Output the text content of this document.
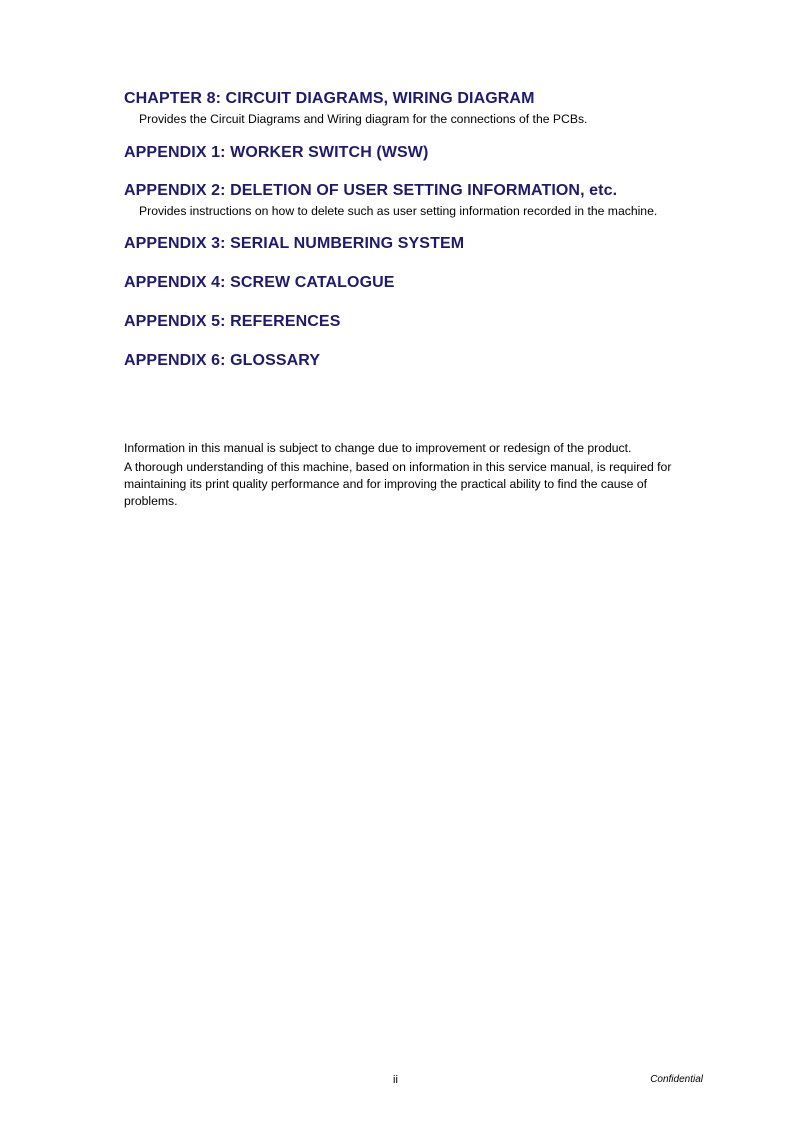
CHAPTER 8: CIRCUIT DIAGRAMS, WIRING DIAGRAM
Provides the Circuit Diagrams and Wiring diagram for the connections of the PCBs.
APPENDIX 1: WORKER SWITCH (WSW)
APPENDIX 2: DELETION OF USER SETTING INFORMATION, etc.
Provides instructions on how to delete such as user setting information recorded in the machine.
APPENDIX 3: SERIAL NUMBERING SYSTEM
APPENDIX 4: SCREW CATALOGUE
APPENDIX 5: REFERENCES
APPENDIX 6: GLOSSARY

Information in this manual is subject to change due to improvement or redesign of the product.

A thorough understanding of this machine, based on information in this service manual, is required for maintaining its print quality performance and for improving the practical ability to find the cause of problems.

ii	Confidential
